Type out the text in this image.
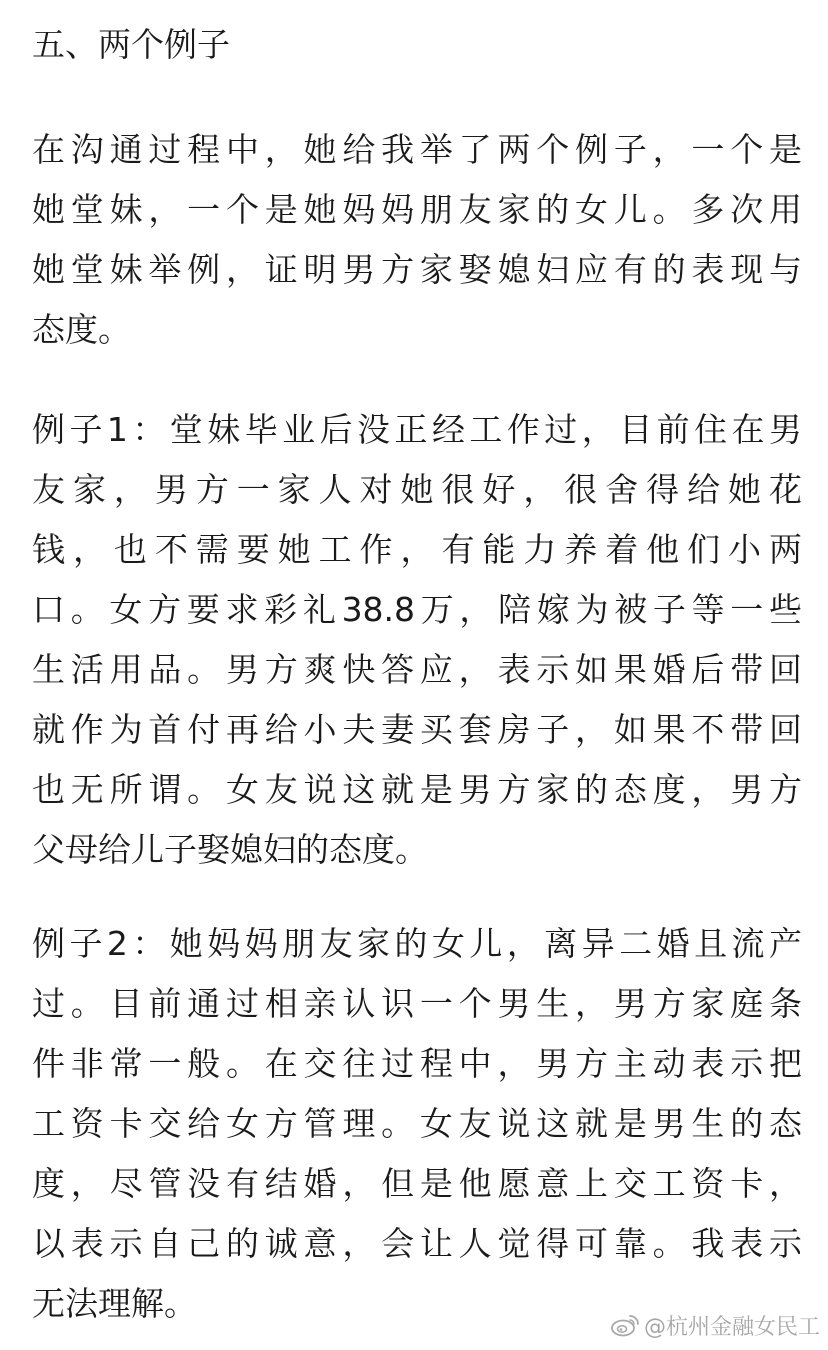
五、两个例子
在沟通过程中，她给我举了两个例子，一个是
她堂妹，一个是她妈妈朋友家的女儿。多次用
她堂妹举例，证明男方家娶媳妇应有的表现与
态度。
例子1：堂妹毕业后没正经工作过，目前住在男
友家，男方一家人对她很好，很舍得给她花
钱，也不需要她工作，有能力养着他们小两
口。女方要求彩礼38.8万，陪嫁为被子等一些
生活用品。男方爽快答应，表示如果婚后带回
就作为首付再给小夫妻买套房子，如果不带回
也无所谓。女友说这就是男方家的态度，男方
父母给儿子娶媳妇的态度。
例子2：她妈妈朋友家的女儿，离异二婚且流产
过。目前通过相亲认识一个男生，男方家庭条
件非常一般。在交往过程中，男方主动表示把
工资卡交给女方管理。女友说这就是男生的态
度，尽管没有结婚，但是他愿意上交工资卡，
以表示自己的诚意，会让人觉得可靠。我表示
无法理解。
@杭州金融女民工
